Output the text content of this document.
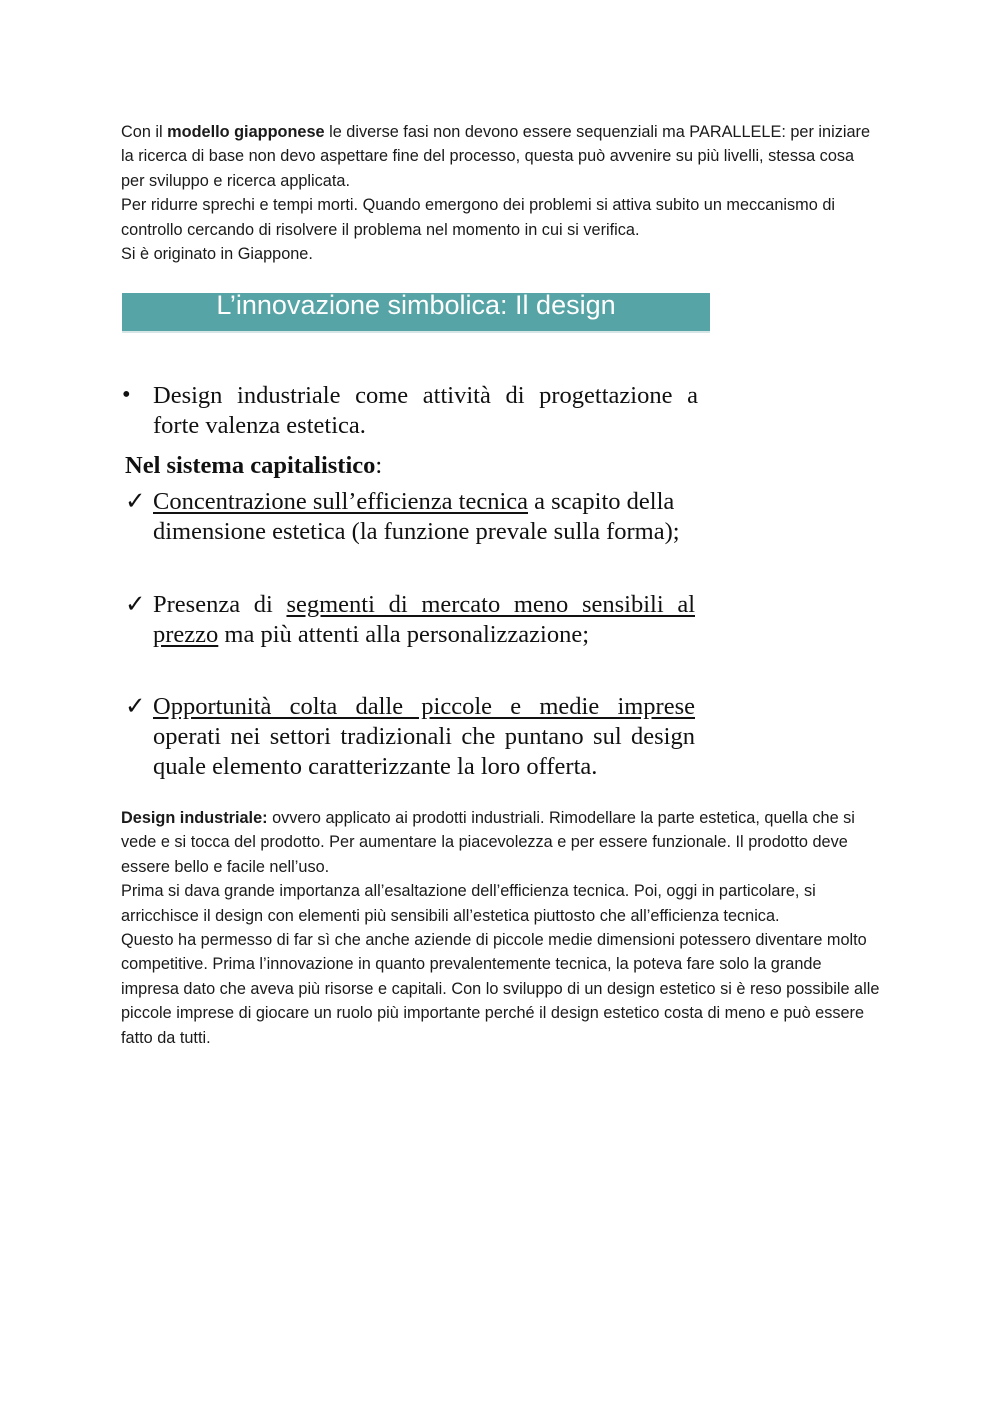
Con il modello giapponese le diverse fasi non devono essere sequenziali ma PARALLELE: per iniziare la ricerca di base non devo aspettare fine del processo, questa può avvenire su più livelli, stessa cosa per sviluppo e ricerca applicata.

Per ridurre sprechi e tempi morti. Quando emergono dei problemi si attiva subito un meccanismo di controllo cercando di risolvere il problema nel momento in cui si verifica.

Si è originato in Giappone.

L’innovazione simbolica: Il design
• Design industriale come attività di progettazione a forte valenza estetica.
Nel sistema capitalistico:
✓ Concentrazione sull’efficienza tecnica a scapito della dimensione estetica (la funzione prevale sulla forma);
✓ Presenza di segmenti di mercato meno sensibili al prezzo ma più attenti alla personalizzazione;
✓ Opportunità colta dalle piccole e medie imprese operati nei settori tradizionali che puntano sul design quale elemento caratterizzante la loro offerta.

Design industriale: ovvero applicato ai prodotti industriali. Rimodellare la parte estetica, quella che si vede e si tocca del prodotto. Per aumentare la piacevolezza e per essere funzionale. Il prodotto deve essere bello e facile nell’uso.

Prima si dava grande importanza all’esaltazione dell’efficienza tecnica. Poi, oggi in particolare, si arricchisce il design con elementi più sensibili all’estetica piuttosto che all’efficienza tecnica.

Questo ha permesso di far sì che anche aziende di piccole medie dimensioni potessero diventare molto competitive. Prima l’innovazione in quanto prevalentemente tecnica, la poteva fare solo la grande impresa dato che aveva più risorse e capitali. Con lo sviluppo di un design estetico si è reso possibile alle piccole imprese di giocare un ruolo più importante perché il design estetico costa di meno e può essere fatto da tutti.
